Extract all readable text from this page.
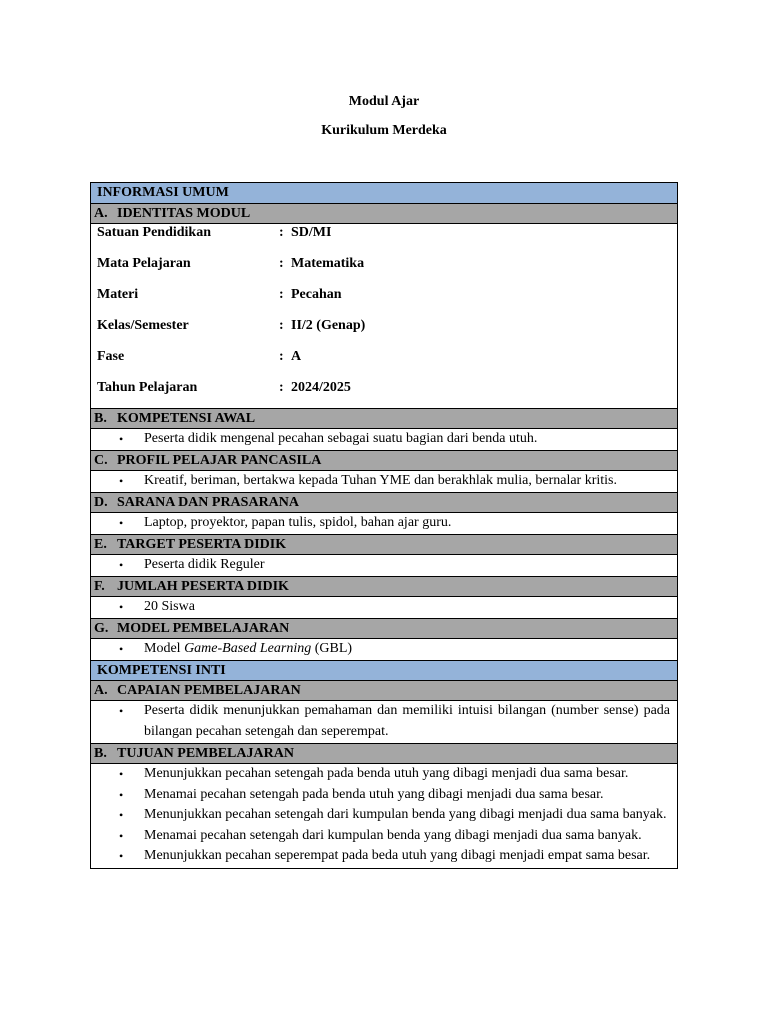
Modul Ajar
Kurikulum Merdeka
INFORMASI UMUM
A. IDENTITAS MODUL
Satuan Pendidikan	: SD/MI
Mata Pelajaran	: Matematika
Materi	: Pecahan
Kelas/Semester	: II/2 (Genap)
Fase	: A
Tahun Pelajaran	: 2024/2025
B. KOMPETENSI AWAL
• Peserta didik mengenal pecahan sebagai suatu bagian dari benda utuh.
C. PROFIL PELAJAR PANCASILA
• Kreatif, beriman, bertakwa kepada Tuhan YME dan berakhlak mulia, bernalar kritis.
D. SARANA DAN PRASARANA
• Laptop, proyektor, papan tulis, spidol, bahan ajar guru.
E. TARGET PESERTA DIDIK
• Peserta didik Reguler
F. JUMLAH PESERTA DIDIK
• 20 Siswa
G. MODEL PEMBELAJARAN
• Model Game-Based Learning (GBL)
KOMPETENSI INTI
A. CAPAIAN PEMBELAJARAN
• Peserta didik menunjukkan pemahaman dan memiliki intuisi bilangan (number sense) pada bilangan pecahan setengah dan seperempat.
B. TUJUAN PEMBELAJARAN
• Menunjukkan pecahan setengah pada benda utuh yang dibagi menjadi dua sama besar.
• Menamai pecahan setengah pada benda utuh yang dibagi menjadi dua sama besar.
• Menunjukkan pecahan setengah dari kumpulan benda yang dibagi menjadi dua sama banyak.
• Menamai pecahan setengah dari kumpulan benda yang dibagi menjadi dua sama banyak.
• Menunjukkan pecahan seperempat pada beda utuh yang dibagi menjadi empat sama besar.
